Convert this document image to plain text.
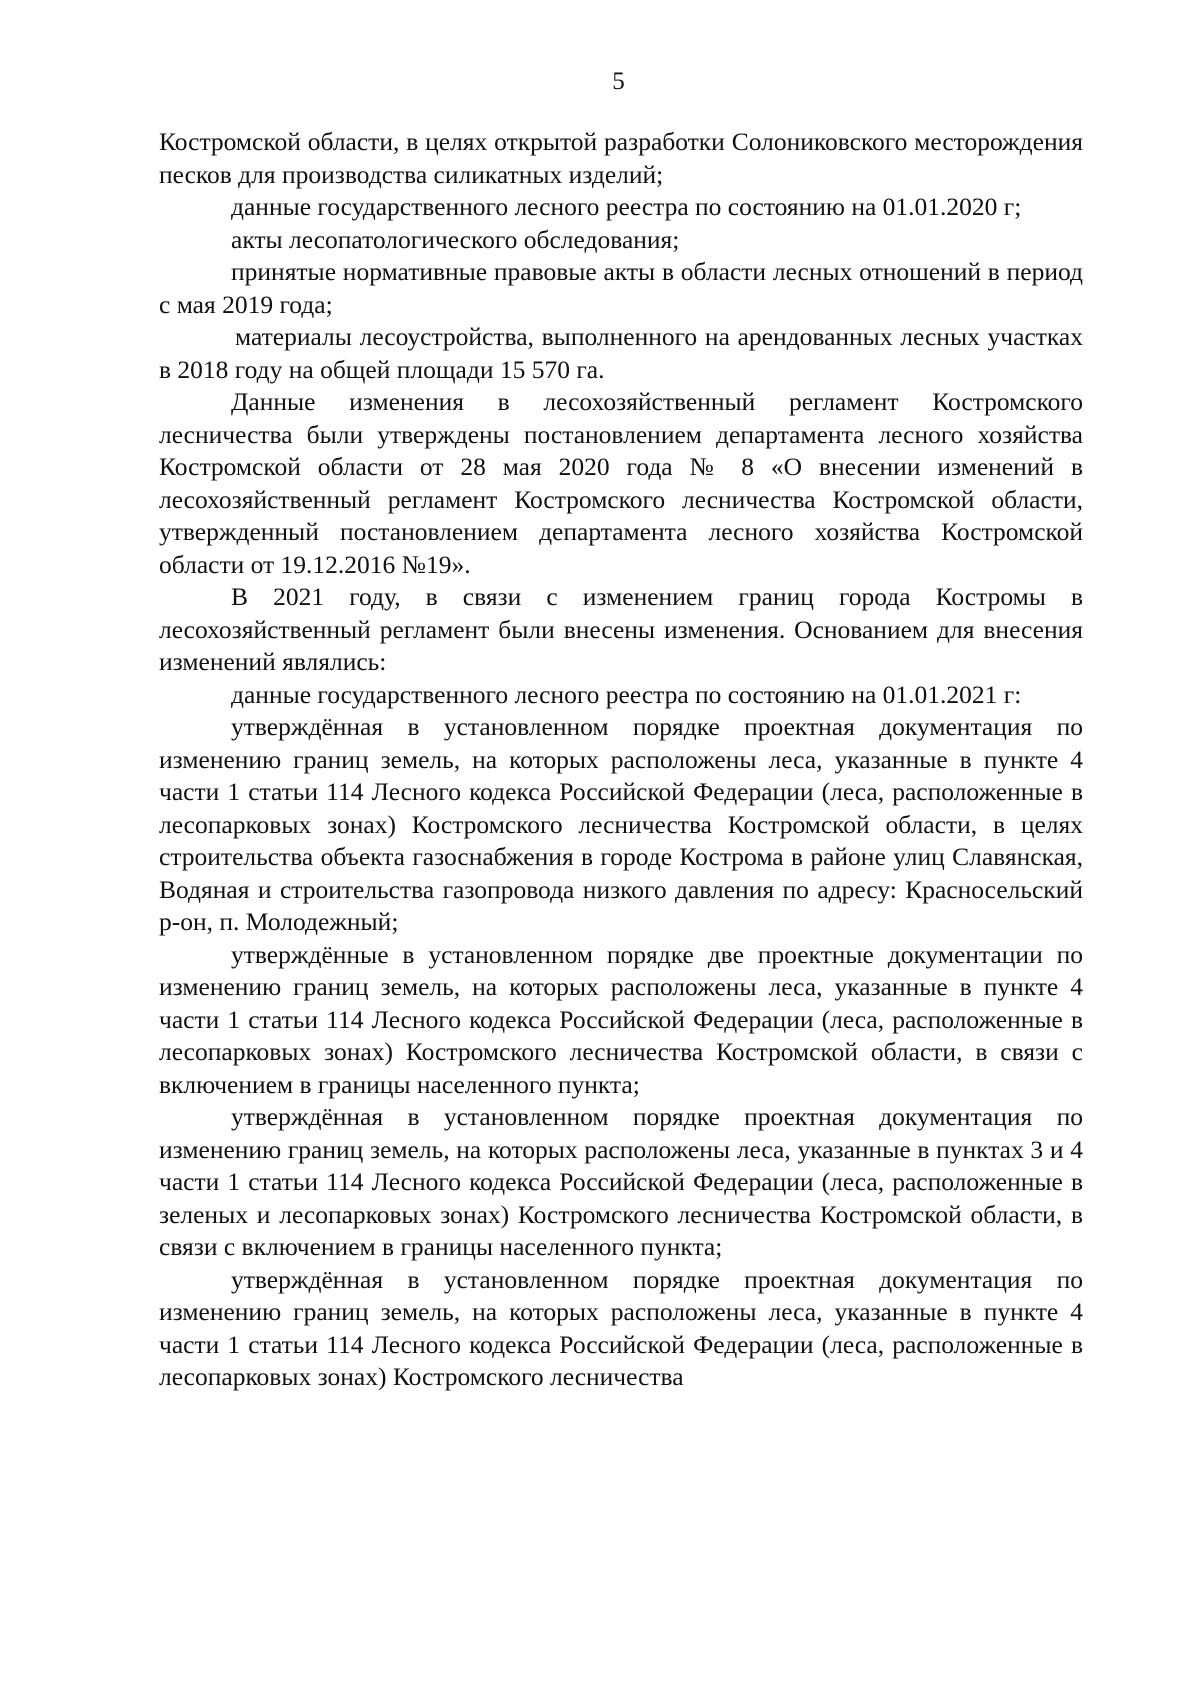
5

Костромской области, в целях открытой разработки Солониковского месторождения песков для производства силикатных изделий;

данные государственного лесного реестра по состоянию на 01.01.2020 г;

акты лесопатологического обследования;

принятые нормативные правовые акты в области лесных отношений в период с мая 2019 года;

материалы лесоустройства, выполненного на арендованных лесных участках в 2018 году на общей площади 15 570 га.

Данные изменения в лесохозяйственный регламент Костромского лесничества были утверждены постановлением департамента лесного хозяйства Костромской области от 28 мая 2020 года № 8 «О внесении изменений в лесохозяйственный регламент Костромского лесничества Костромской области, утвержденный постановлением департамента лесного хозяйства Костромской области от 19.12.2016 №19».

В 2021 году, в связи с изменением границ города Костромы в лесохозяйственный регламент были внесены изменения. Основанием для внесения изменений являлись:

данные государственного лесного реестра по состоянию на 01.01.2021 г:

утверждённая в установленном порядке проектная документация по изменению границ земель, на которых расположены леса, указанные в пункте 4 части 1 статьи 114 Лесного кодекса Российской Федерации (леса, расположенные в лесопарковых зонах) Костромского лесничества Костромской области, в целях строительства объекта газоснабжения в городе Кострома в районе улиц Славянская, Водяная и строительства газопровода низкого давления по адресу: Красносельский р-он, п. Молодежный;

утверждённые в установленном порядке две проектные документации по изменению границ земель, на которых расположены леса, указанные в пункте 4 части 1 статьи 114 Лесного кодекса Российской Федерации (леса, расположенные в лесопарковых зонах) Костромского лесничества Костромской области, в связи с включением в границы населенного пункта;

утверждённая в установленном порядке проектная документация по изменению границ земель, на которых расположены леса, указанные в пунктах 3 и 4 части 1 статьи 114 Лесного кодекса Российской Федерации (леса, расположенные в зеленых и лесопарковых зонах) Костромского лесничества Костромской области, в связи с включением в границы населенного пункта;

утверждённая в установленном порядке проектная документация по изменению границ земель, на которых расположены леса, указанные в пункте 4 части 1 статьи 114 Лесного кодекса Российской Федерации (леса, расположенные в лесопарковых зонах) Костромского лесничества
